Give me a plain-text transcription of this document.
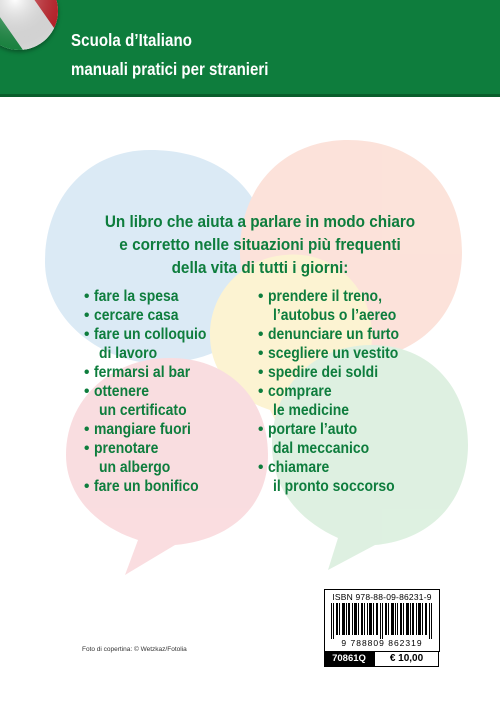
Scuola d’Italiano
manuali pratici per stranieri
Un libro che aiuta a parlare in modo chiaro
e corretto nelle situazioni più frequenti
della vita di tutti i giorni:
• fare la spesa
• cercare casa
• fare un colloquio
di lavoro
• fermarsi al bar
• ottenere
un certificato
• mangiare fuori
• prenotare
un albergo
• fare un bonifico
• prendere il treno,
l’autobus o l’aereo
• denunciare un furto
• scegliere un vestito
• spedire dei soldi
• comprare
le medicine
• portare l’auto
dal meccanico
• chiamare
il pronto soccorso
ISBN 978-88-09-86231-9
9 788809 862319
70861Q	€ 10,00
Foto di copertina: © Wetzkaz/Fotolia
